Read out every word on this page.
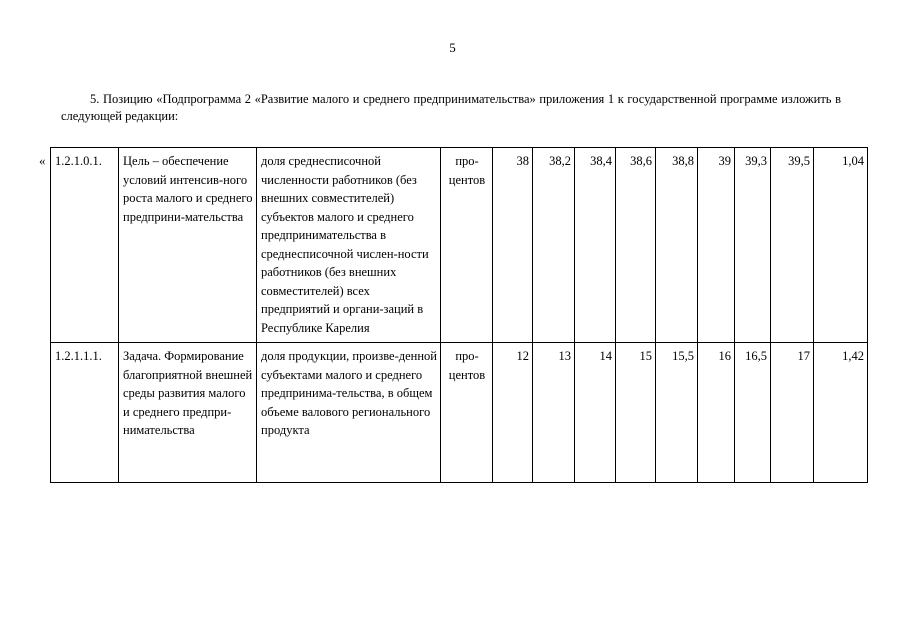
5
5. Позицию «Подпрограмма 2 «Развитие малого и среднего предпринимательства» приложения 1 к государственной программе изложить в следующей редакции:
« 1.2.1.0.1.	Цель – обеспечение условий интенсив-ного роста малого и среднего предприни-мательства	доля среднесписочной численности работников (без внешних совместителей) субъектов малого и среднего предпринимательства в среднесписочной числен-ности работников (без внешних совместителей) всех предприятий и органи-заций в Республике Карелия	про-центов	38	38,2	38,4	38,6	38,8	39	39,3	39,5	1,04
1.2.1.1.1.	Задача. Формирование благоприятной внешней среды развития малого и среднего предпри-нимательства	доля продукции, произве-денной субъектами малого и среднего предпринима-тельства, в общем объеме валового регионального продукта	про-центов	12	13	14	15	15,5	16	16,5	17	1,42
